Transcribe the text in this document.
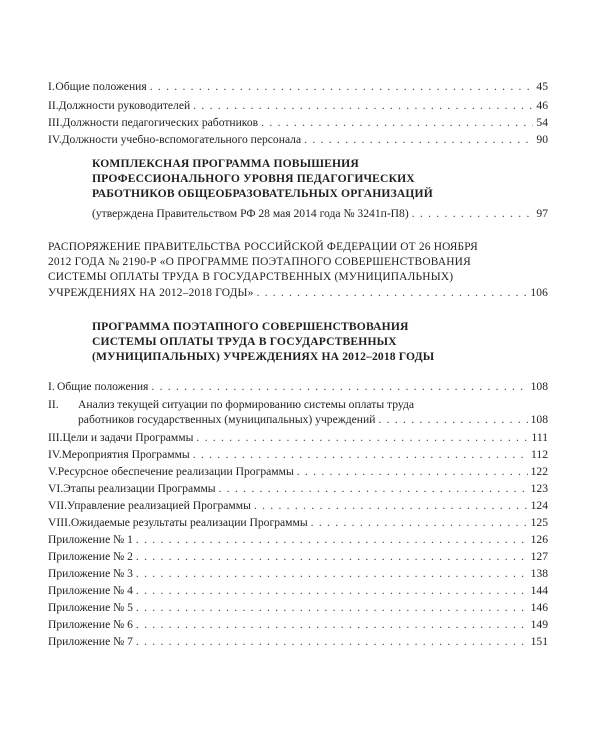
I. Общие положения . . .	45
II. Должности руководителей . . .	46
III. Должности педагогических работников . . .	54
IV. Должности учебно-вспомогательного персонала . . .	90
КОМПЛЕКСНАЯ ПРОГРАММА ПОВЫШЕНИЯ
ПРОФЕССИОНАЛЬНОГО УРОВНЯ ПЕДАГОГИЧЕСКИХ
РАБОТНИКОВ ОБЩЕОБРАЗОВАТЕЛЬНЫХ ОРГАНИЗАЦИЙ
(утверждена Правительством РФ 28 мая 2014 года № 3241п-П8) . . .	97
РАСПОРЯЖЕНИЕ ПРАВИТЕЛЬСТВА РОССИЙСКОЙ ФЕДЕРАЦИИ ОТ 26 НОЯБРЯ
2012 ГОДА № 2190-Р «О ПРОГРАММЕ ПОЭТАПНОГО СОВЕРШЕНСТВОВАНИЯ
СИСТЕМЫ ОПЛАТЫ ТРУДА В ГОСУДАРСТВЕННЫХ (МУНИЦИПАЛЬНЫХ)
УЧРЕЖДЕНИЯХ НА 2012–2018 ГОДЫ» . . .	106
ПРОГРАММА ПОЭТАПНОГО СОВЕРШЕНСТВОВАНИЯ
СИСТЕМЫ ОПЛАТЫ ТРУДА В ГОСУДАРСТВЕННЫХ
(МУНИЦИПАЛЬНЫХ) УЧРЕЖДЕНИЯХ НА 2012–2018 ГОДЫ
I. Общие положения . . .	108
II.	Анализ текущей ситуации по формированию системы оплаты труда
работников государственных (муниципальных) учреждений . . .	108
III. Цели и задачи Программы . . .	111
IV. Мероприятия Программы . . .	112
V. Ресурсное обеспечение реализации Программы . . .	122
VI. Этапы реализации Программы . . .	123
VII. Управление реализацией Программы . . .	124
VIII. Ожидаемые результаты реализации Программы . . .	125
Приложение № 1 . . .	126
Приложение № 2 . . .	127
Приложение № 3 . . .	138
Приложение № 4 . . .	144
Приложение № 5 . . .	146
Приложение № 6 . . .	149
Приложение № 7 . . .	151
